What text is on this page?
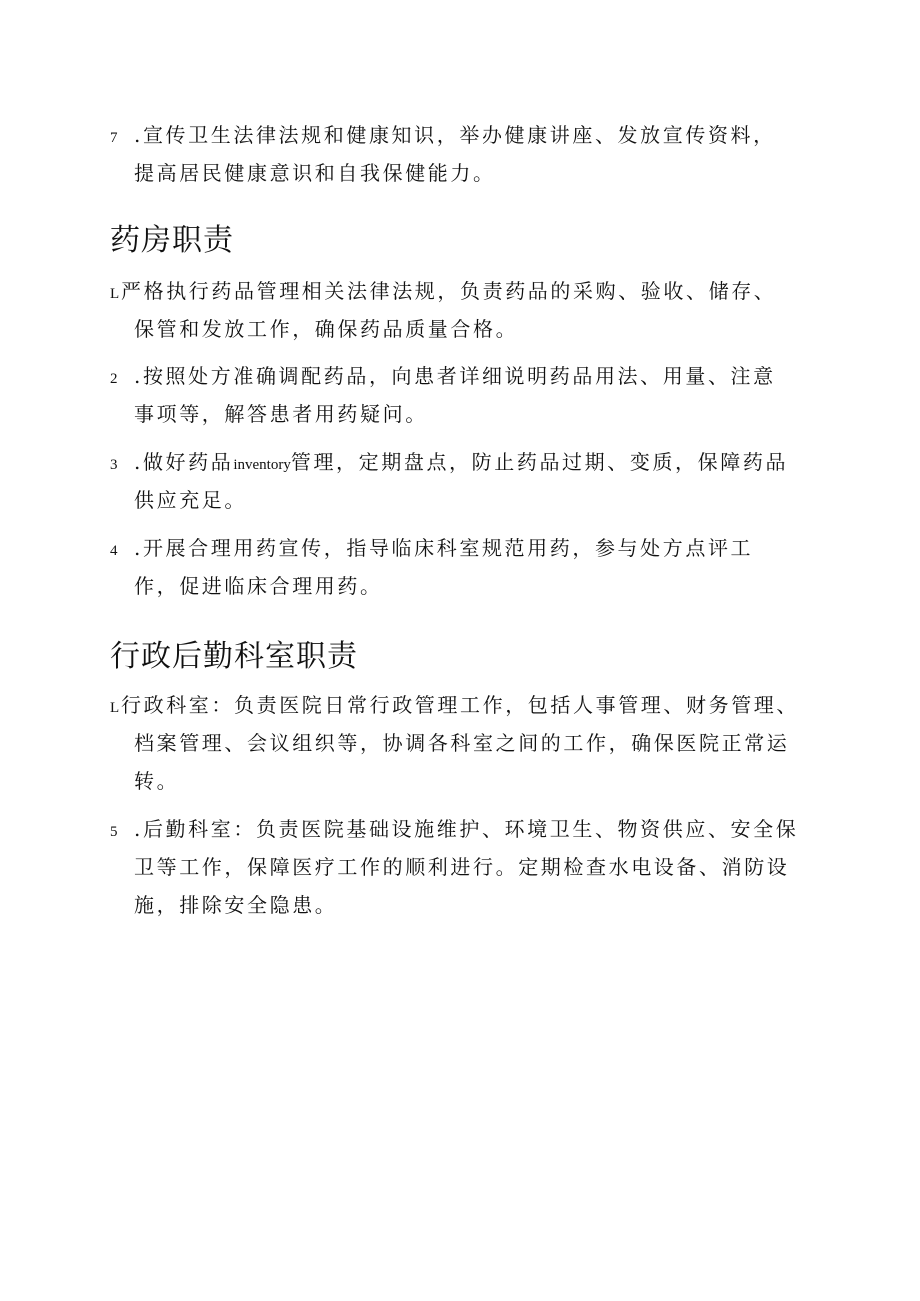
7 .宣传卫生法律法规和健康知识，举办健康讲座、发放宣传资料，
提高居民健康意识和自我保健能力。
药房职责
L严格执行药品管理相关法律法规，负责药品的采购、验收、储存、
保管和发放工作，确保药品质量合格。
2 .按照处方准确调配药品，向患者详细说明药品用法、用量、注意
事项等，解答患者用药疑问。
3 .做好药品inventory管理，定期盘点，防止药品过期、变质，保障药品
供应充足。
4 .开展合理用药宣传，指导临床科室规范用药，参与处方点评工
作，促进临床合理用药。
行政后勤科室职责
L行政科室：负责医院日常行政管理工作，包括人事管理、财务管理、
档案管理、会议组织等，协调各科室之间的工作，确保医院正常运
转。
5 .后勤科室：负责医院基础设施维护、环境卫生、物资供应、安全保
卫等工作，保障医疗工作的顺利进行。定期检查水电设备、消防设
施，排除安全隐患。
